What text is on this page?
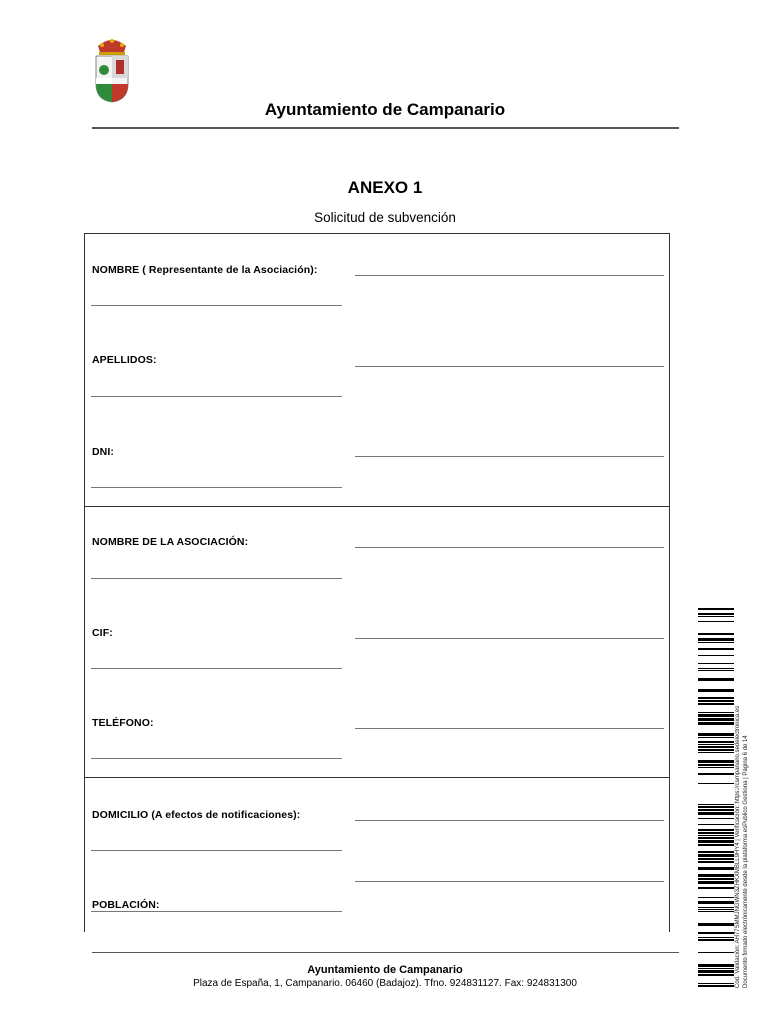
Ayuntamiento de Campanario
ANEXO 1
Solicitud de subvención
NOMBRE ( Representante de la Asociación):
APELLIDOS:
DNI:
NOMBRE DE LA ASOCIACIÓN:
CIF:
TELÉFONO:
DOMICILIO (A efectos de notificaciones):
POBLACIÓN:
Ayuntamiento de Campanario
Plaza de España, 1, Campanario. 06460 (Badajoz). Tfno. 924831127. Fax: 924831300	Cód. Validación: AH77SMMJNGWN3ZHKXMBLL9HY4 | Verificación: https://campanario.sedelectronica.es Documento firmado electrónicamente desde la plataforma esPublico Gestiona | Página 6 de 14
